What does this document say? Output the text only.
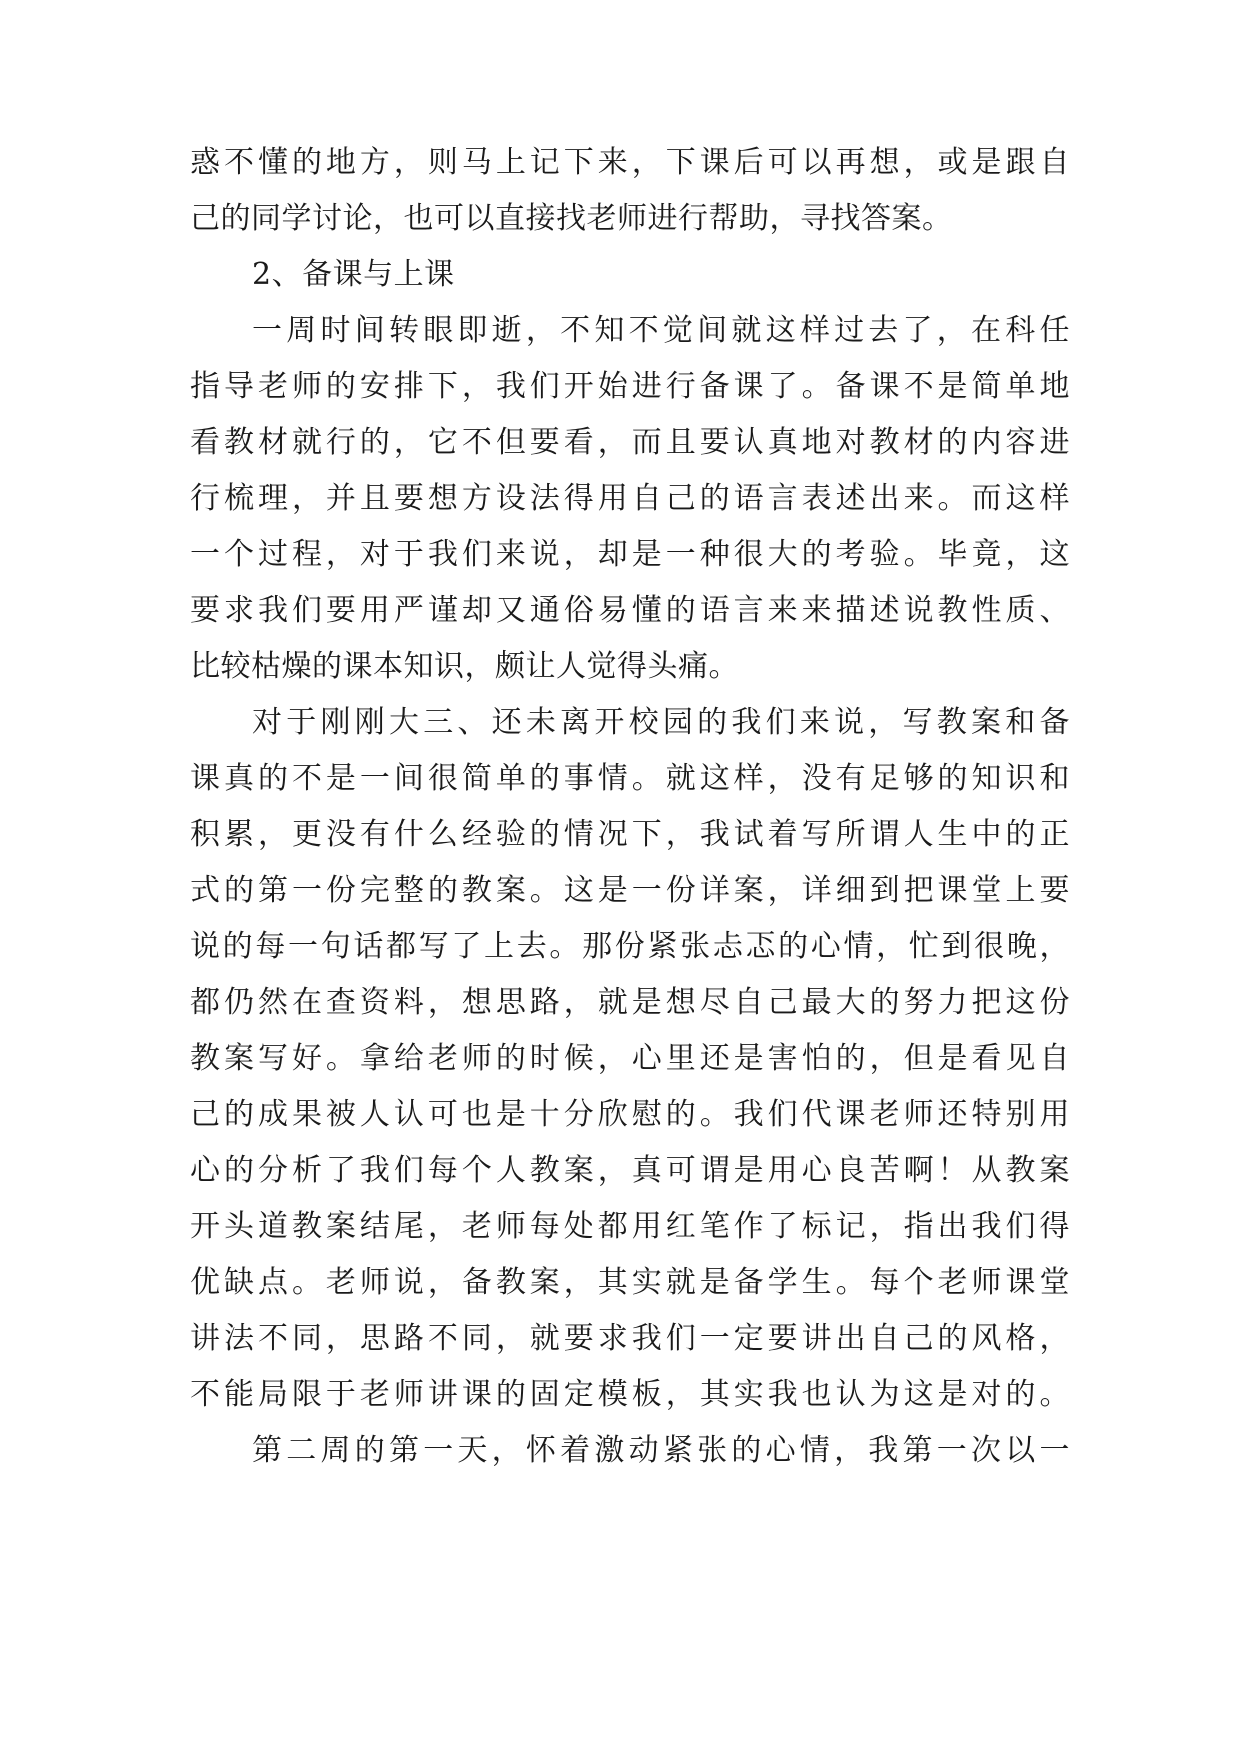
惑不懂的地方，则马上记下来，下课后可以再想，或是跟自

己的同学讨论，也可以直接找老师进行帮助，寻找答案。

2、备课与上课

一周时间转眼即逝，不知不觉间就这样过去了，在科任

指导老师的安排下，我们开始进行备课了。备课不是简单地

看教材就行的，它不但要看，而且要认真地对教材的内容进

行梳理，并且要想方设法得用自己的语言表述出来。而这样

一个过程，对于我们来说，却是一种很大的考验。毕竟，这

要求我们要用严谨却又通俗易懂的语言来来描述说教性质、

比较枯燥的课本知识，颇让人觉得头痛。

对于刚刚大三、还未离开校园的我们来说，写教案和备

课真的不是一间很简单的事情。就这样，没有足够的知识和

积累，更没有什么经验的情况下，我试着写所谓人生中的正

式的第一份完整的教案。这是一份详案，详细到把课堂上要

说的每一句话都写了上去。那份紧张忐忑的心情，忙到很晚，

都仍然在查资料，想思路，就是想尽自己最大的努力把这份

教案写好。拿给老师的时候，心里还是害怕的，但是看见自

己的成果被人认可也是十分欣慰的。我们代课老师还特别用

心的分析了我们每个人教案，真可谓是用心良苦啊！从教案

开头道教案结尾，老师每处都用红笔作了标记，指出我们得

优缺点。老师说，备教案，其实就是备学生。每个老师课堂

讲法不同，思路不同，就要求我们一定要讲出自己的风格，

不能局限于老师讲课的固定模板，其实我也认为这是对的。

第二周的第一天，怀着激动紧张的心情，我第一次以一
